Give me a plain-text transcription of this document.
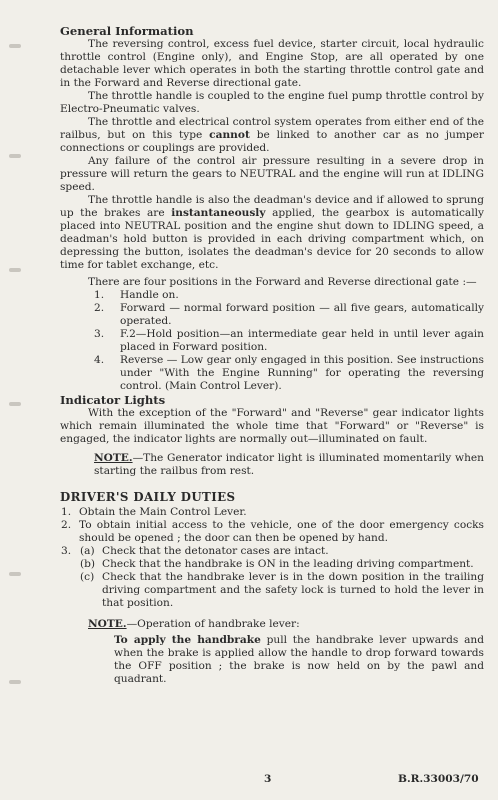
General Information

The reversing control, excess fuel device, starter circuit, local hydraulic throttle control (Engine only), and Engine Stop, are all operated by one detachable lever which operates in both the starting throttle control gate and in the Forward and Reverse directional gate.

The throttle handle is coupled to the engine fuel pump throttle control by Electro-Pneumatic valves.

The throttle and electrical control system operates from either end of the railbus, but on this type cannot be linked to another car as no jumper connections or couplings are provided.

Any failure of the control air pressure resulting in a severe drop in pressure will return the gears to NEUTRAL and the engine will run at IDLING speed.

The throttle handle is also the deadman's device and if allowed to sprung up the brakes are instantaneously applied, the gearbox is automatically placed into NEUTRAL position and the engine shut down to IDLING speed, a deadman's hold button is provided in each driving compartment which, on depressing the button, isolates the deadman's device for 20 seconds to allow time for tablet exchange, etc.

There are four positions in the Forward and Reverse directional gate :—

1. Handle on.
2. Forward — normal forward position — all five gears, automatically operated.
3. F.2—Hold position—an intermediate gear held in until lever again placed in Forward position.
4. Reverse — Low gear only engaged in this position. See instructions under "With the Engine Running" for operating the reversing control. (Main Control Lever).
Indicator Lights

With the exception of the "Forward" and "Reverse" gear indicator lights which remain illuminated the whole time that "Forward" or "Reverse" is engaged, the indicator lights are normally out—illuminated on fault.

NOTE.—The Generator indicator light is illuminated momentarily when starting the railbus from rest.

DRIVER'S DAILY DUTIES
1. Obtain the Main Control Lever.
2. To obtain initial access to the vehicle, one of the door emergency cocks should be opened ; the door can then be opened by hand.
3. (a) Check that the detonator cases are intact.
(b) Check that the handbrake is ON in the leading driving compartment.
(c) Check that the handbrake lever is in the down position in the trailing driving compartment and the safety lock is turned to hold the lever in that position.

NOTE.—Operation of handbrake lever:

To apply the handbrake pull the handbrake lever upwards and when the brake is applied allow the handle to drop forward towards the OFF position ; the brake is now held on by the pawl and quadrant.

3	B.R.33003/70
